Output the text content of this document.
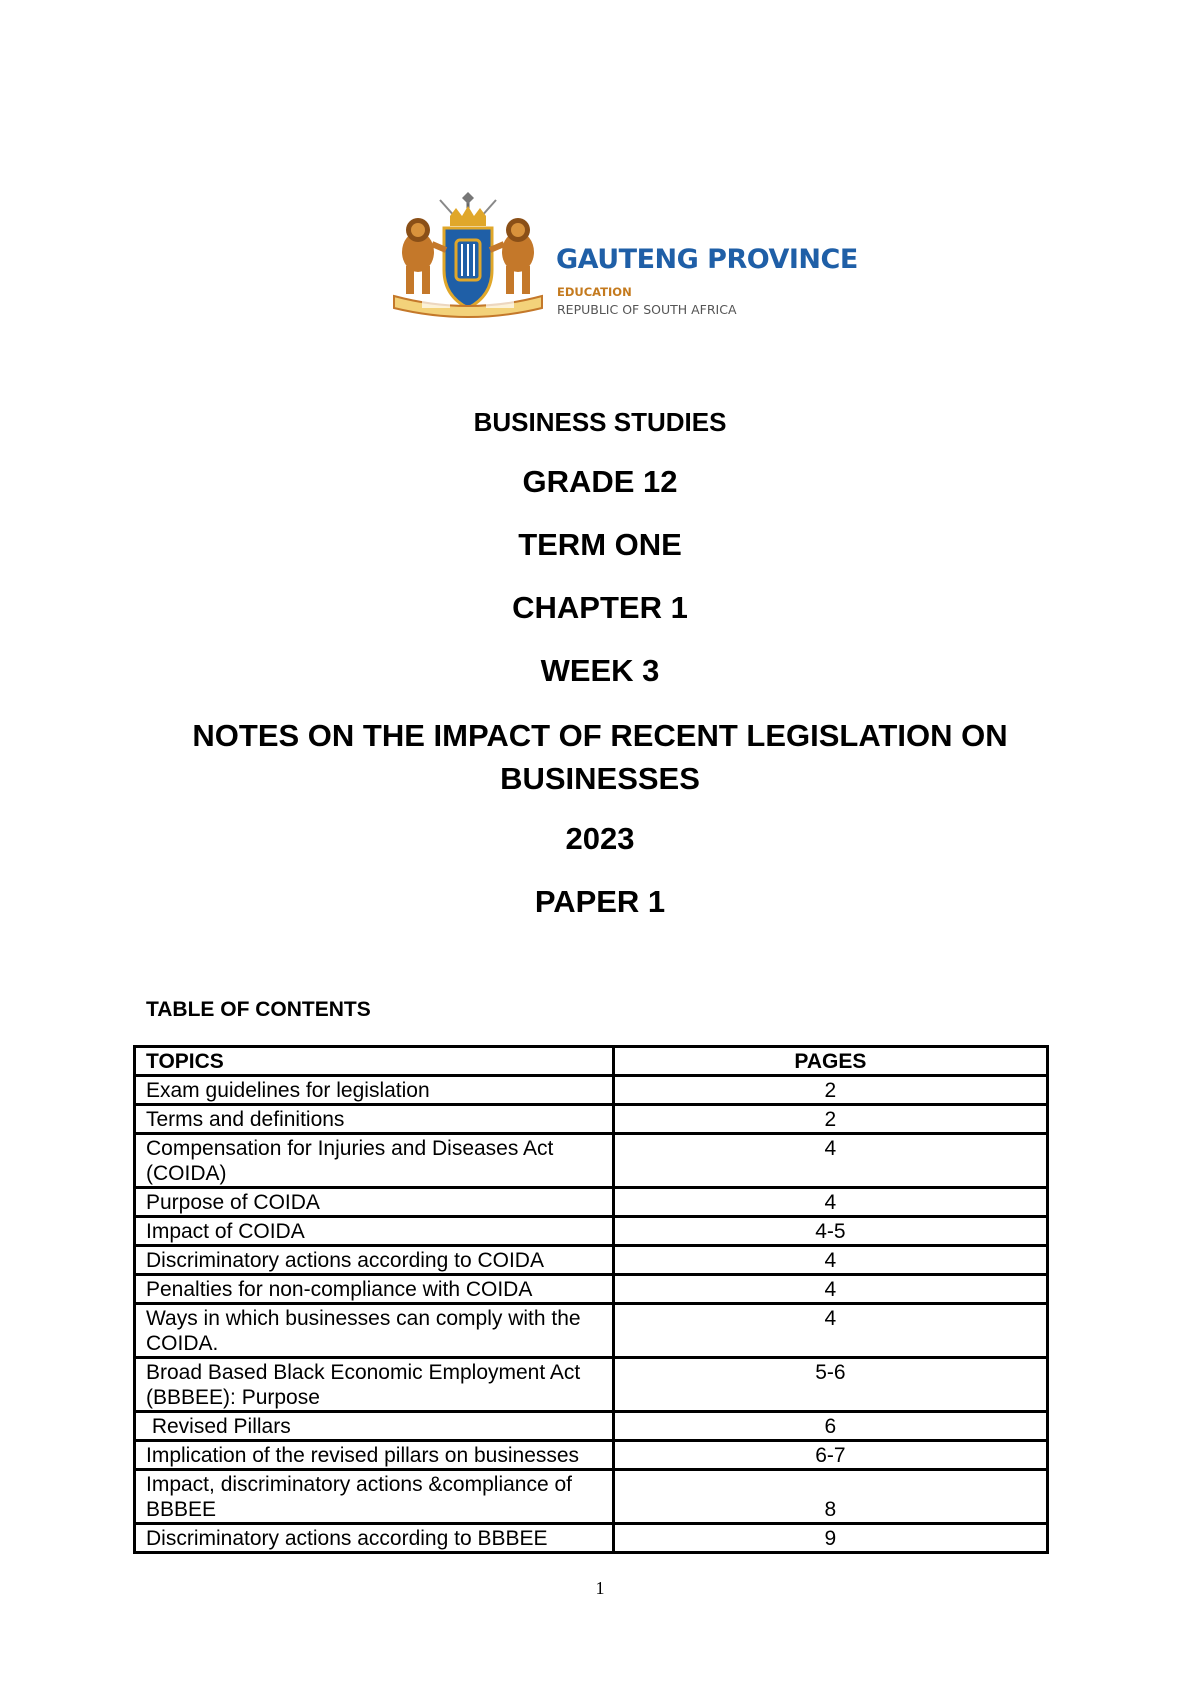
GAUTENG PROVINCE
EDUCATION
REPUBLIC OF SOUTH AFRICA
BUSINESS STUDIES
GRADE 12
TERM ONE
CHAPTER 1
WEEK 3
NOTES ON THE IMPACT OF RECENT LEGISLATION ON BUSINESSES
2023
PAPER 1
TABLE OF CONTENTS
TOPICS	PAGES
Exam guidelines for legislation	2
Terms and definitions	2
Compensation for Injuries and Diseases Act (COIDA)	4
Purpose of COIDA	4
Impact of COIDA	4-5
Discriminatory actions according to COIDA	4
Penalties for non-compliance with COIDA	4
Ways in which businesses can comply with the COIDA.	4
Broad Based Black Economic Employment Act (BBBEE): Purpose	5-6
Revised Pillars	6
Implication of the revised pillars on businesses	6-7
Impact, discriminatory actions &compliance of BBBEE	8
Discriminatory actions according to BBBEE	9
1
